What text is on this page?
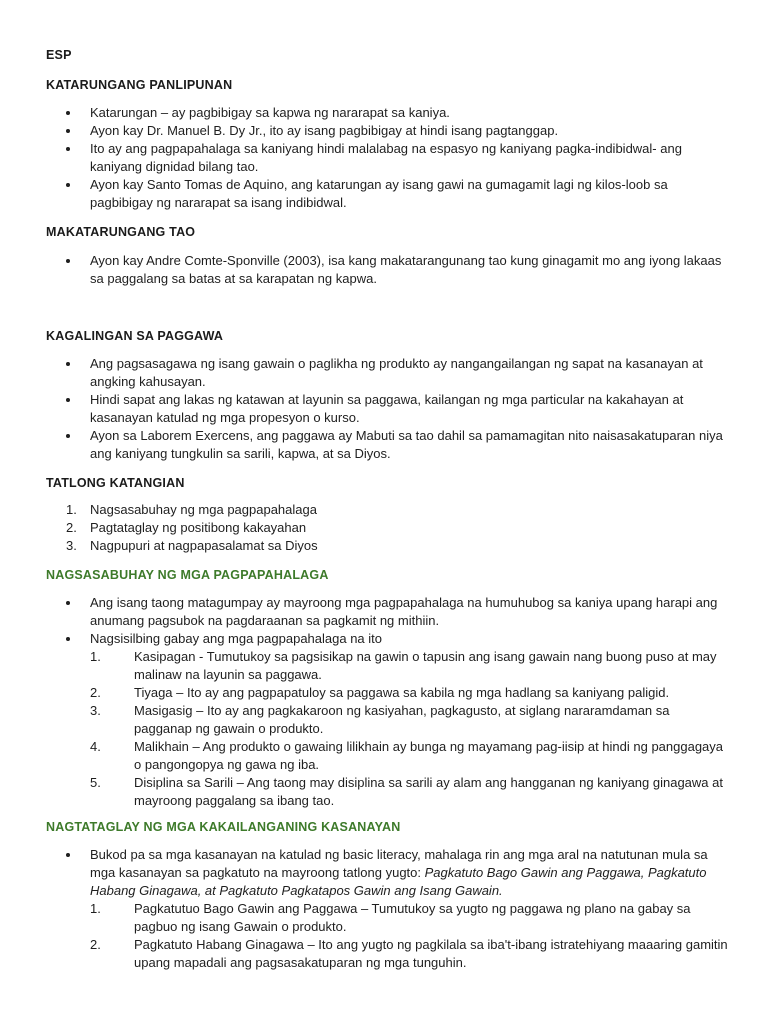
ESP
KATARUNGANG PANLIPUNAN
Katarungan – ay pagbibigay sa kapwa ng nararapat sa kaniya.
Ayon kay Dr. Manuel B. Dy Jr., ito ay isang pagbibigay at hindi isang pagtanggap.
Ito ay ang pagpapahalaga sa kaniyang hindi malalabag na espasyo ng kaniyang pagka-indibidwal- ang kaniyang dignidad bilang tao.
Ayon kay Santo Tomas de Aquino, ang katarungan ay isang gawi na gumagamit lagi ng kilos-loob sa pagbibigay ng nararapat sa isang indibidwal.
MAKATARUNGANG TAO
Ayon kay Andre Comte-Sponville (2003), isa kang makatarangunang tao kung ginagamit mo ang iyong lakaas sa paggalang sa batas at sa karapatan ng kapwa.
KAGALINGAN SA PAGGAWA
Ang pagsasagawa ng isang gawain o paglikha ng produkto ay nangangailangan ng sapat na kasanayan at angking kahusayan.
Hindi sapat ang lakas ng katawan at layunin sa paggawa, kailangan ng mga particular na kakahayan at kasanayan katulad ng mga propesyon o kurso.
Ayon sa Laborem Exercens, ang paggawa ay Mabuti sa tao dahil sa pamamagitan nito naisasakatuparan niya ang kaniyang tungkulin sa sarili, kapwa, at sa Diyos.
TATLONG KATANGIAN
1.	Nagsasabuhay ng mga pagpapahalaga
2.	Pagtataglay ng positibong kakayahan
3.	Nagpupuri at nagpapasalamat sa Diyos
NAGSASABUHAY NG MGA PAGPAPAHALAGA
Ang isang taong matagumpay ay mayroong mga pagpapahalaga na humuhubog sa kaniya upang harapi ang anumang pagsubok na pagdaraanan sa pagkamit ng mithiin.
Nagsisilbing gabay ang mga pagpapahalaga na ito
1.	Kasipagan - Tumutukoy sa pagsisikap na gawin o tapusin ang isang gawain nang buong puso at may malinaw na layunin sa paggawa.
2.	Tiyaga – Ito ay ang pagpapatuloy sa paggawa sa kabila ng mga hadlang sa kaniyang paligid.
3.	Masigasig – Ito ay ang pagkakaroon ng kasiyahan, pagkagusto, at siglang nararamdaman sa pagganap ng gawain o produkto.
4.	Malikhain – Ang produkto o gawaing lilikhain ay bunga ng mayamang pag-iisip at hindi ng panggagaya o pangongopya ng gawa ng iba.
5.	Disiplina sa Sarili – Ang taong may disiplina sa sarili ay alam ang hangganan ng kaniyang ginagawa at mayroong paggalang sa ibang tao.
NAGTATAGLAY NG MGA KAKAILANGANING KASANAYAN
Bukod pa sa mga kasanayan na katulad ng basic literacy, mahalaga rin ang mga aral na natutunan mula sa mga kasanayan sa pagkatuto na mayroong tatlong yugto: Pagkatuto Bago Gawin ang Paggawa, Pagkatuto Habang Ginagawa, at Pagkatuto Pagkatapos Gawin ang Isang Gawain.
1.	Pagkatutuo Bago Gawin ang Paggawa – Tumutukoy sa yugto ng paggawa ng plano na gabay sa pagbuo ng isang Gawain o produkto.
2.	Pagkatuto Habang Ginagawa – Ito ang yugto ng pagkilala sa iba't-ibang istratehiyang maaaring gamitin upang mapadali ang pagsasakatuparan ng mga tunguhin.
